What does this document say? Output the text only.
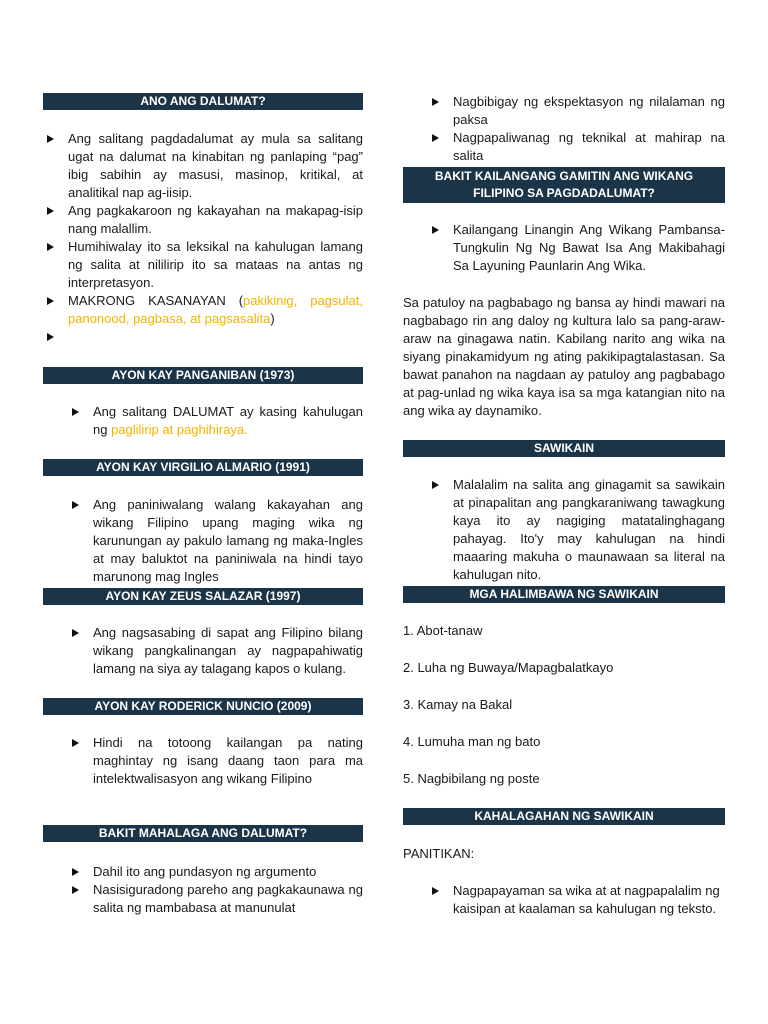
ANO ANG DALUMAT?
Ang salitang pagdadalumat ay mula sa salitang ugat na dalumat na kinabitan ng panlaping “pag” ibig sabihin ay masusi, masinop, kritikal, at analitikal nap ag-iisip.
Ang pagkakaroon ng kakayahan na makapag-isip nang malallim.
Humihiwalay ito sa leksikal na kahulugan lamang ng salita at nililirip ito sa mataas na antas ng interpretasyon.
MAKRONG KASANAYAN (pakikinig, pagsulat, panonood, pagbasa, at pagsasalita)
AYON KAY PANGANIBAN (1973)
Ang salitang DALUMAT ay kasing kahulugan ng paglilirip at paghihiraya.
AYON KAY VIRGILIO ALMARIO (1991)
Ang paniniwalang walang kakayahan ang wikang Filipino upang maging wika ng karunungan ay pakulo lamang ng maka-Ingles at may baluktot na paniniwala na hindi tayo marunong mag Ingles
AYON KAY ZEUS SALAZAR (1997)
Ang nagsasabing di sapat ang Filipino bilang wikang pangkalinangan ay nagpapahiwatig lamang na siya ay talagang kapos o kulang.
AYON KAY RODERICK NUNCIO (2009)
Hindi na totoong kailangan pa nating maghintay ng isang daang taon para ma intelektwalisasyon ang wikang Filipino
BAKIT MAHALAGA ANG DALUMAT?
Dahil ito ang pundasyon ng argumento
Nasisiguradong pareho ang pagkakaunawa ng salita ng mambabasa at manunulat
Nagbibigay ng ekspektasyon ng nilalaman ng paksa
Nagpapaliwanag ng teknikal at mahirap na salita
BAKIT KAILANGANG GAMITIN ANG WIKANG FILIPINO SA PAGDADALUMAT?
Kailangang Linangin Ang Wikang Pambansa- Tungkulin Ng Ng Bawat Isa Ang Makibahagi Sa Layuning Paunlarin Ang Wika.

Sa patuloy na pagbabago ng bansa ay hindi mawari na nagbabago rin ang daloy ng kultura lalo sa pang-araw-araw na ginagawa natin. Kabilang narito ang wika na siyang pinakamidyum ng ating pakikipagtalastasan. Sa bawat panahon na nagdaan ay patuloy ang pagbabago at pag-unlad ng wika kaya isa sa mga katangian nito na ang wika ay daynamiko.

SAWIKAIN
Malalalim na salita ang ginagamit sa sawikain at pinapalitan ang pangkaraniwang tawagkung kaya ito ay nagiging matatalinghagang pahayag. Ito'y may kahulugan na hindi maaaring makuha o maunawaan sa literal na kahulugan nito.
MGA HALIMBAWA NG SAWIKAIN

1. Abot-tanaw

2. Luha ng Buwaya/Mapagbalatkayo

3. Kamay na Bakal

4. Lumuha man ng bato

5. Nagbibilang ng poste

KAHALAGAHAN NG SAWIKAIN

PANITIKAN:

Nagpapayaman sa wika at at nagpapalalim ng kaisipan at kaalaman sa kahulugan ng teksto.
